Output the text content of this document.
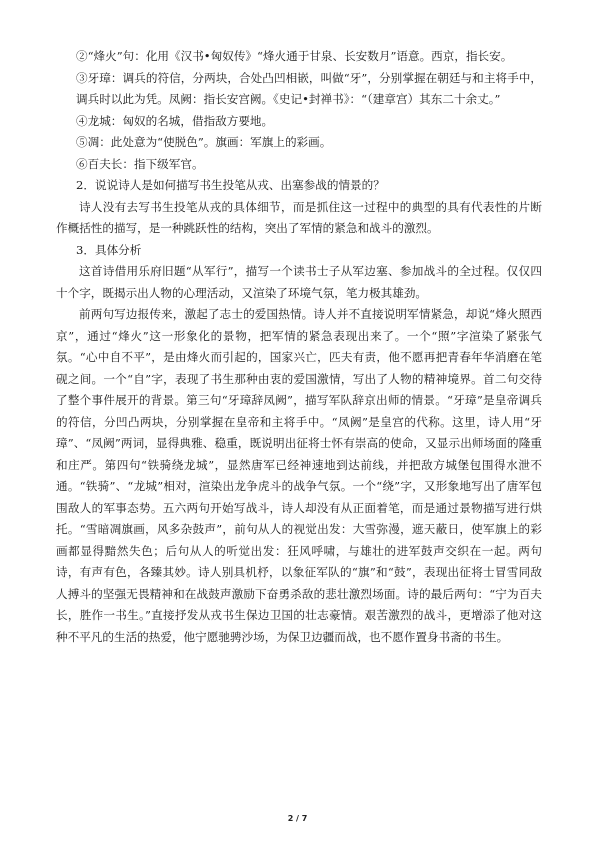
②“烽火”句：化用《汉书•匈奴传》“烽火通于甘泉、长安数月”语意。西京，指长安。

③牙璋：调兵的符信，分两块，合处凸凹相嵌，叫做“牙”，分别掌握在朝廷与和主将手中，调兵时以此为凭。凤阙：指长安宫阙。《史记•封禅书》：“（建章宫）其东二十余丈。”

④龙城：匈奴的名城，借指敌方要地。

⑤凋：此处意为“使脱色”。旗画：军旗上的彩画。

⑥百夫长：指下级军官。

2．说说诗人是如何描写书生投笔从戎、出塞参战的情景的？

诗人没有去写书生投笔从戎的具体细节，而是抓住这一过程中的典型的具有代表性的片断作概括性的描写，是一种跳跃性的结构，突出了军情的紧急和战斗的激烈。

3．具体分析

这首诗借用乐府旧题“从军行”，描写一个读书士子从军边塞、参加战斗的全过程。仅仅四十个字，既揭示出人物的心理活动，又渲染了环境气氛，笔力极其雄劲。

前两句写边报传来，激起了志士的爱国热情。诗人并不直接说明军情紧急，却说“烽火照西京”，通过“烽火”这一形象化的景物，把军情的紧急表现出来了。一个“照”字渲染了紧张气氛。“心中自不平”，是由烽火而引起的，国家兴亡，匹夫有责，他不愿再把青春年华消磨在笔砚之间。一个“自”字，表现了书生那种由衷的爱国激情，写出了人物的精神境界。首二句交待了整个事件展开的背景。第三句“牙璋辞凤阙”，描写军队辞京出师的情景。“牙璋”是皇帝调兵的符信，分凹凸两块，分别掌握在皇帝和主将手中。“凤阙”是皇宫的代称。这里，诗人用“牙璋”、“凤阙”两词，显得典雅、稳重，既说明出征将士怀有崇高的使命，又显示出师场面的隆重和庄严。第四句“铁骑绕龙城”，显然唐军已经神速地到达前线，并把敌方城堡包围得水泄不通。“铁骑”、“龙城”相对，渲染出龙争虎斗的战争气氛。一个“绕”字，又形象地写出了唐军包围敌人的军事态势。五六两句开始写战斗，诗人却没有从正面着笔，而是通过景物描写进行烘托。“雪暗凋旗画，风多杂鼓声”，前句从人的视觉出发：大雪弥漫，遮天蔽日，使军旗上的彩画都显得黯然失色；后句从人的听觉出发：狂风呼啸，与雄壮的进军鼓声交织在一起。两句诗，有声有色，各臻其妙。诗人别具机杼，以象征军队的“旗”和“鼓”，表现出征将士冒雪同敌人搏斗的坚强无畏精神和在战鼓声激励下奋勇杀敌的悲壮激烈场面。诗的最后两句：“宁为百夫长，胜作一书生。”直接抒发从戎书生保边卫国的壮志豪情。艰苦激烈的战斗，更增添了他对这种不平凡的生活的热爱，他宁愿驰骋沙场，为保卫边疆而战，也不愿作置身书斋的书生。

2 / 7
